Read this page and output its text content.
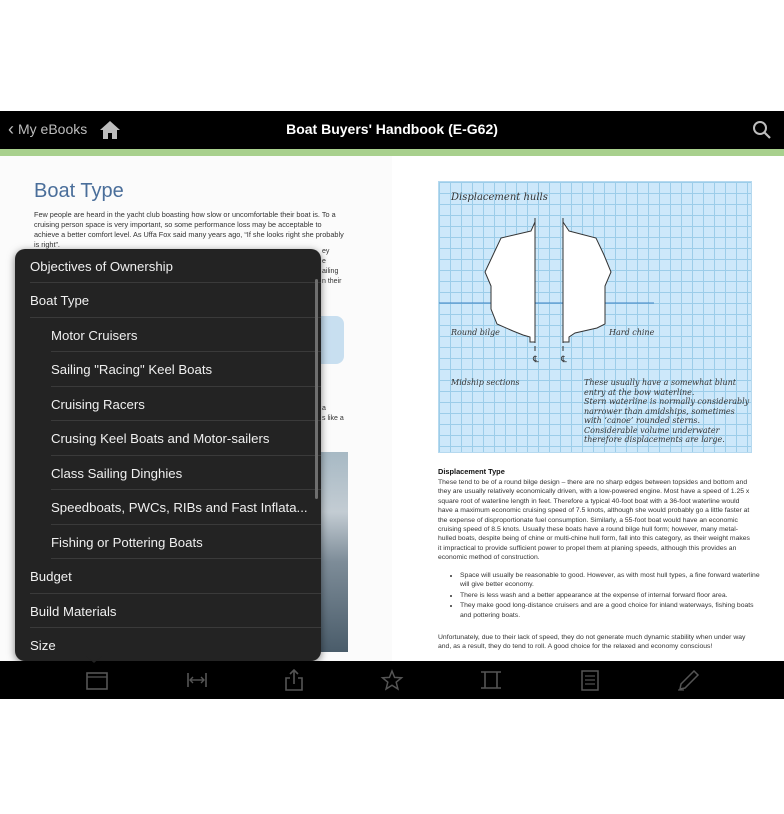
‹ My eBooks	Boat Buyers' Handbook (E-G62)
Boat Type
Few people are heard in the yacht club boasting how slow or uncomfortable their boat is. To a cruising person space is very important, so some performance loss may be acceptable to achieve a better comfort level. As Uffa Fox said many years ago, “If she looks right she probably is right”.
ey
e
ailing
n their
a
s like a
℄ ℄
Displacement hulls
Round bilge	Hard chine
Midship sections	These usually have a somewhat blunt
entry at the bow waterline.
Stern waterline is normally considerably
narrower than amidships, sometimes
with ‘canoe’ rounded sterns.
Considerable volume underwater
therefore displacements are large.
Displacement Type
These tend to be of a round bilge design – there are no sharp edges between topsides and bottom and they are usually relatively economically driven, with a low-powered engine. Most have a speed of 1.25 x square root of waterline length in feet. Therefore a typical 40-foot boat with a 36-foot waterline would have a maximum economic cruising speed of 7.5 knots, although she would probably go a little faster at the expense of disproportionate fuel consumption. Similarly, a 55-foot boat would have an economic cruising speed of 8.5 knots. Usually these boats have a round bilge hull form; however, many metal-hulled boats, despite being of chine or multi-chine hull form, fall into this category, as their weight makes it impractical to provide sufficient power to propel them at planing speeds, although this provides an economic method of construction.
• Space will usually be reasonable to good. However, as with most hull types, a fine forward waterline will give better economy.
• There is less wash and a better appearance at the expense of internal forward floor area.
• They make good long-distance cruisers and are a good choice for inland waterways, fishing boats and pottering boats.
Unfortunately, due to their lack of speed, they do not generate much dynamic stability when under way and, as a result, they do tend to roll. A good choice for the relaxed and economy conscious!
Objectives of Ownership
Boat Type
Motor Cruisers
Sailing "Racing" Keel Boats
Cruising Racers
Crusing Keel Boats and Motor-sailers
Class Sailing Dinghies
Speedboats, PWCs, RIBs and Fast Inflata...
Fishing or Pottering Boats
Budget
Build Materials
Size
